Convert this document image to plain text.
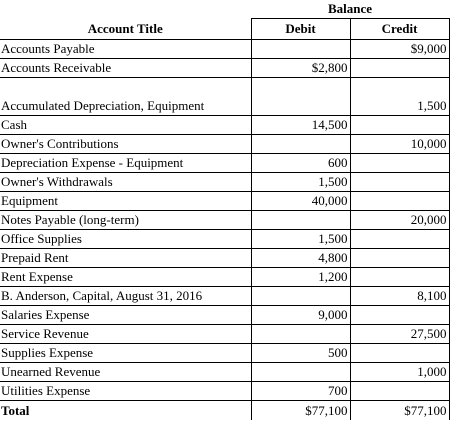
	Balance	
Account Title	Debit	Credit
Accounts Payable		$9,000
Accounts Receivable	$2,800	
Accumulated Depreciation, Equipment		1,500
Cash	14,500	
Owner's Contributions		10,000
Depreciation Expense - Equipment	600	
Owner's Withdrawals	1,500	
Equipment	40,000	
Notes Payable (long-term)		20,000
Office Supplies	1,500	
Prepaid Rent	4,800	
Rent Expense	1,200	
B. Anderson, Capital, August 31, 2016		8,100
Salaries Expense	9,000	
Service Revenue		27,500
Supplies Expense	500	
Unearned Revenue		1,000
Utilities Expense	700	
Total	$77,100	$77,100
